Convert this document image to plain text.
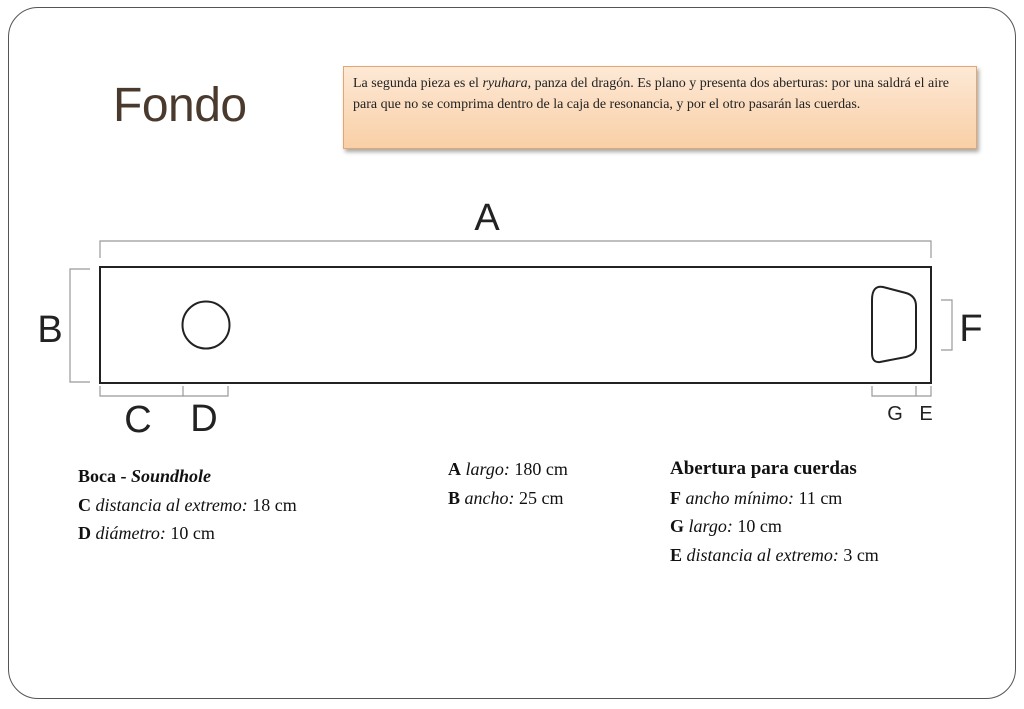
Fondo	La segunda pieza es el ryuhara, panza del dragón. Es plano y presenta dos aberturas: por una saldrá el aire para que no se comprima dentro de la caja de resonancia, y por el otro pasarán las cuerdas.

A
B
C D
F
G E
Boca - Soundhole
C distancia al extremo: 18 cm
D diámetro: 10 cm
A largo: 180 cm
B ancho: 25 cm
Abertura para cuerdas
F ancho mínimo: 11 cm
G largo: 10 cm
E distancia al extremo: 3 cm
